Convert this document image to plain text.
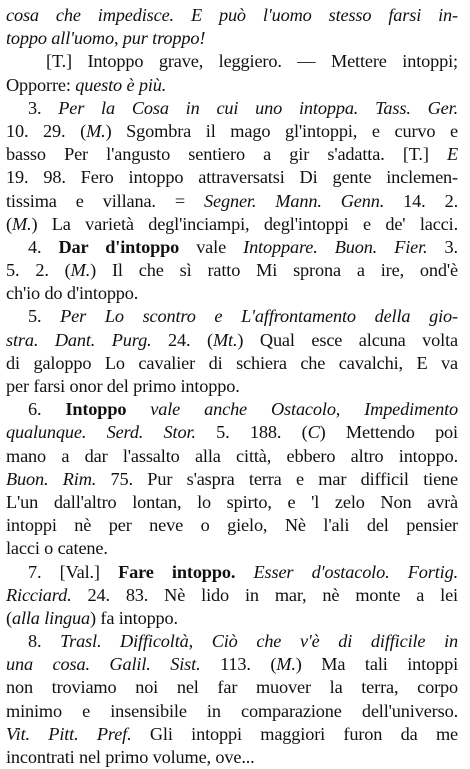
cosa che impedisce. E può l'uomo stesso farsi in-
toppo all'uomo, pur troppo!
[T.] Intoppo grave, leggiero. — Mettere intoppi;
Opporre: questo è più.
3. Per la Cosa in cui uno intoppa. Tass. Ger.
10. 29. (M.) Sgombra il mago gl'intoppi, e curvo e
basso Per l'angusto sentiero a gir s'adatta. [T.] E
19. 98. Fero intoppo attraversatsi Di gente inclemen-
tissima e villana. = Segner. Mann. Genn. 14. 2.
(M.) La varietà degl'inciampi, degl'intoppi e de' lacci.
4. Dar d'intoppo vale Intoppare. Buon. Fier. 3.
5. 2. (M.) Il che sì ratto Mi sprona a ire, ond'è
ch'io do d'intoppo.
5. Per Lo scontro e L'affrontamento della gio-
stra. Dant. Purg. 24. (Mt.) Qual esce alcuna volta
di galoppo Lo cavalier di schiera che cavalchi, E va
per farsi onor del primo intoppo.
6. Intoppo vale anche Ostacolo, Impedimento
qualunque. Serd. Stor. 5. 188. (C) Mettendo poi
mano a dar l'assalto alla città, ebbero altro intoppo.
Buon. Rim. 75. Pur s'aspra terra e mar difficil tiene
L'un dall'altro lontan, lo spirto, e 'l zelo Non avrà
intoppi nè per neve o gielo, Nè l'ali del pensier
lacci o catene.
7. [Val.] Fare intoppo. Esser d'ostacolo. Fortig.
Ricciard. 24. 83. Nè lido in mar, nè monte a lei
(alla lingua) fa intoppo.
8. Trasl. Difficoltà, Ciò che v'è di difficile in
una cosa. Galil. Sist. 113. (M.) Ma tali intoppi
non troviamo noi nel far muover la terra, corpo
minimo e insensibile in comparazione dell'universo.
Vit. Pitt. Pref. Gli intoppi maggiori furon da me
incontrati nel primo volume, ove...
